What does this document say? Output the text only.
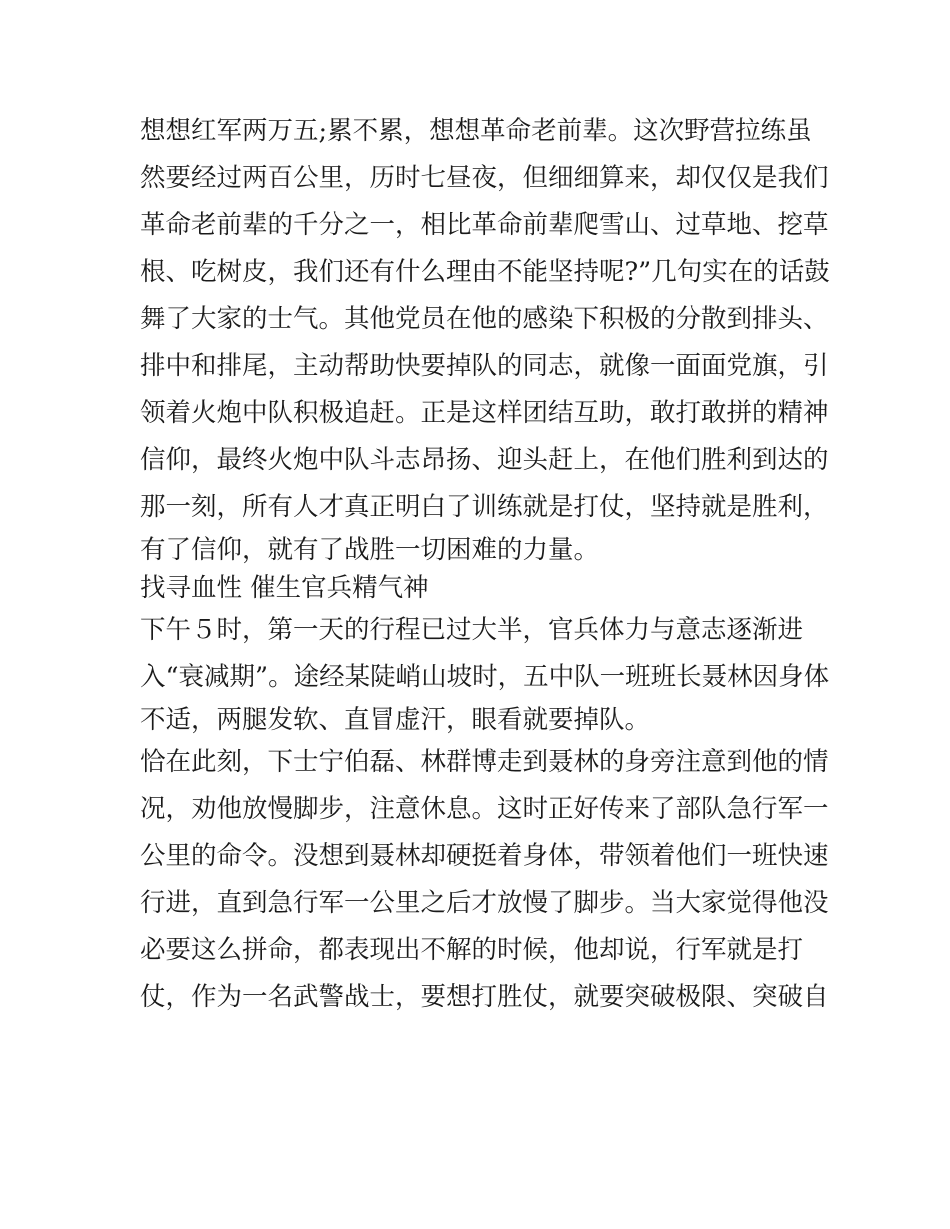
想想红军两万五;累不累，想想革命老前辈。这次野营拉练虽
然要经过两百公里，历时七昼夜，但细细算来，却仅仅是我们
革命老前辈的千分之一，相比革命前辈爬雪山、过草地、挖草
根、吃树皮，我们还有什么理由不能坚持呢?”几句实在的话鼓
舞了大家的士气。其他党员在他的感染下积极的分散到排头、
排中和排尾，主动帮助快要掉队的同志，就像一面面党旗，引
领着火炮中队积极追赶。正是这样团结互助，敢打敢拼的精神
信仰，最终火炮中队斗志昂扬、迎头赶上，在他们胜利到达的
那一刻，所有人才真正明白了训练就是打仗，坚持就是胜利，
有了信仰，就有了战胜一切困难的力量。
找寻血性 催生官兵精气神
下午５时，第一天的行程已过大半，官兵体力与意志逐渐进
入“衰减期”。途经某陡峭山坡时，五中队一班班长聂林因身体
不适，两腿发软、直冒虚汗，眼看就要掉队。
恰在此刻，下士宁伯磊、林群博走到聂林的身旁注意到他的情
况，劝他放慢脚步，注意休息。这时正好传来了部队急行军一
公里的命令。没想到聂林却硬挺着身体，带领着他们一班快速
行进，直到急行军一公里之后才放慢了脚步。当大家觉得他没
必要这么拼命，都表现出不解的时候，他却说，行军就是打
仗，作为一名武警战士，要想打胜仗，就要突破极限、突破自
